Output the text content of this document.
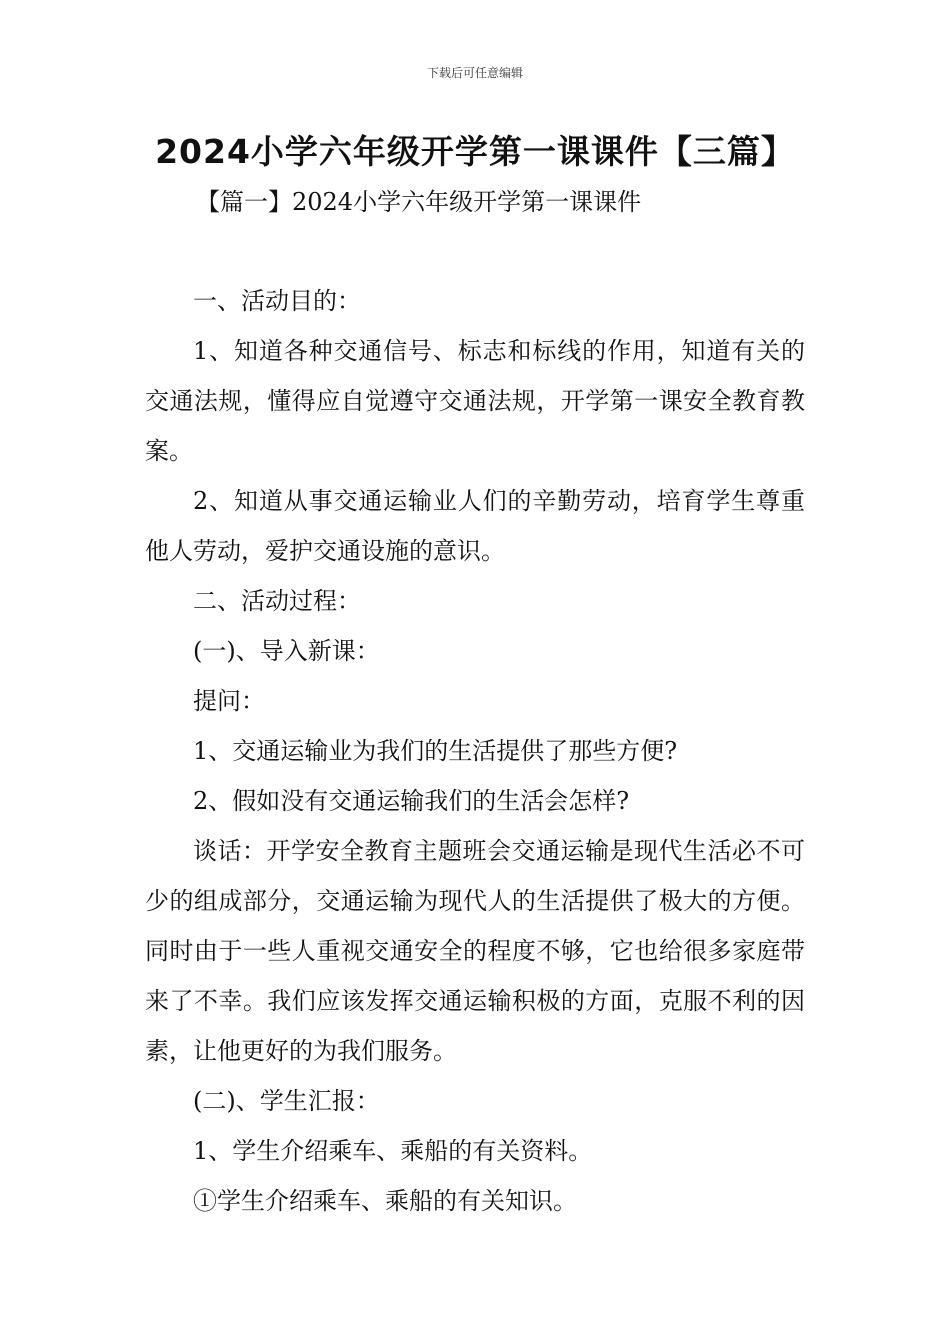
下载后可任意编辑
2024小学六年级开学第一课课件【三篇】
【篇一】2024小学六年级开学第一课课件

一、活动目的：

1、知道各种交通信号、标志和标线的作用，知道有关的交通法规，懂得应自觉遵守交通法规，开学第一课安全教育教案。

2、知道从事交通运输业人们的辛勤劳动，培育学生尊重他人劳动，爱护交通设施的意识。

二、活动过程：

(一)、导入新课：

提问：

1、交通运输业为我们的生活提供了那些方便?

2、假如没有交通运输我们的生活会怎样?

谈话：开学安全教育主题班会交通运输是现代生活必不可少的组成部分，交通运输为现代人的生活提供了极大的方便。同时由于一些人重视交通安全的程度不够，它也给很多家庭带来了不幸。我们应该发挥交通运输积极的方面，克服不利的因素，让他更好的为我们服务。

(二)、学生汇报：

1、学生介绍乘车、乘船的有关资料。

①学生介绍乘车、乘船的有关知识。
